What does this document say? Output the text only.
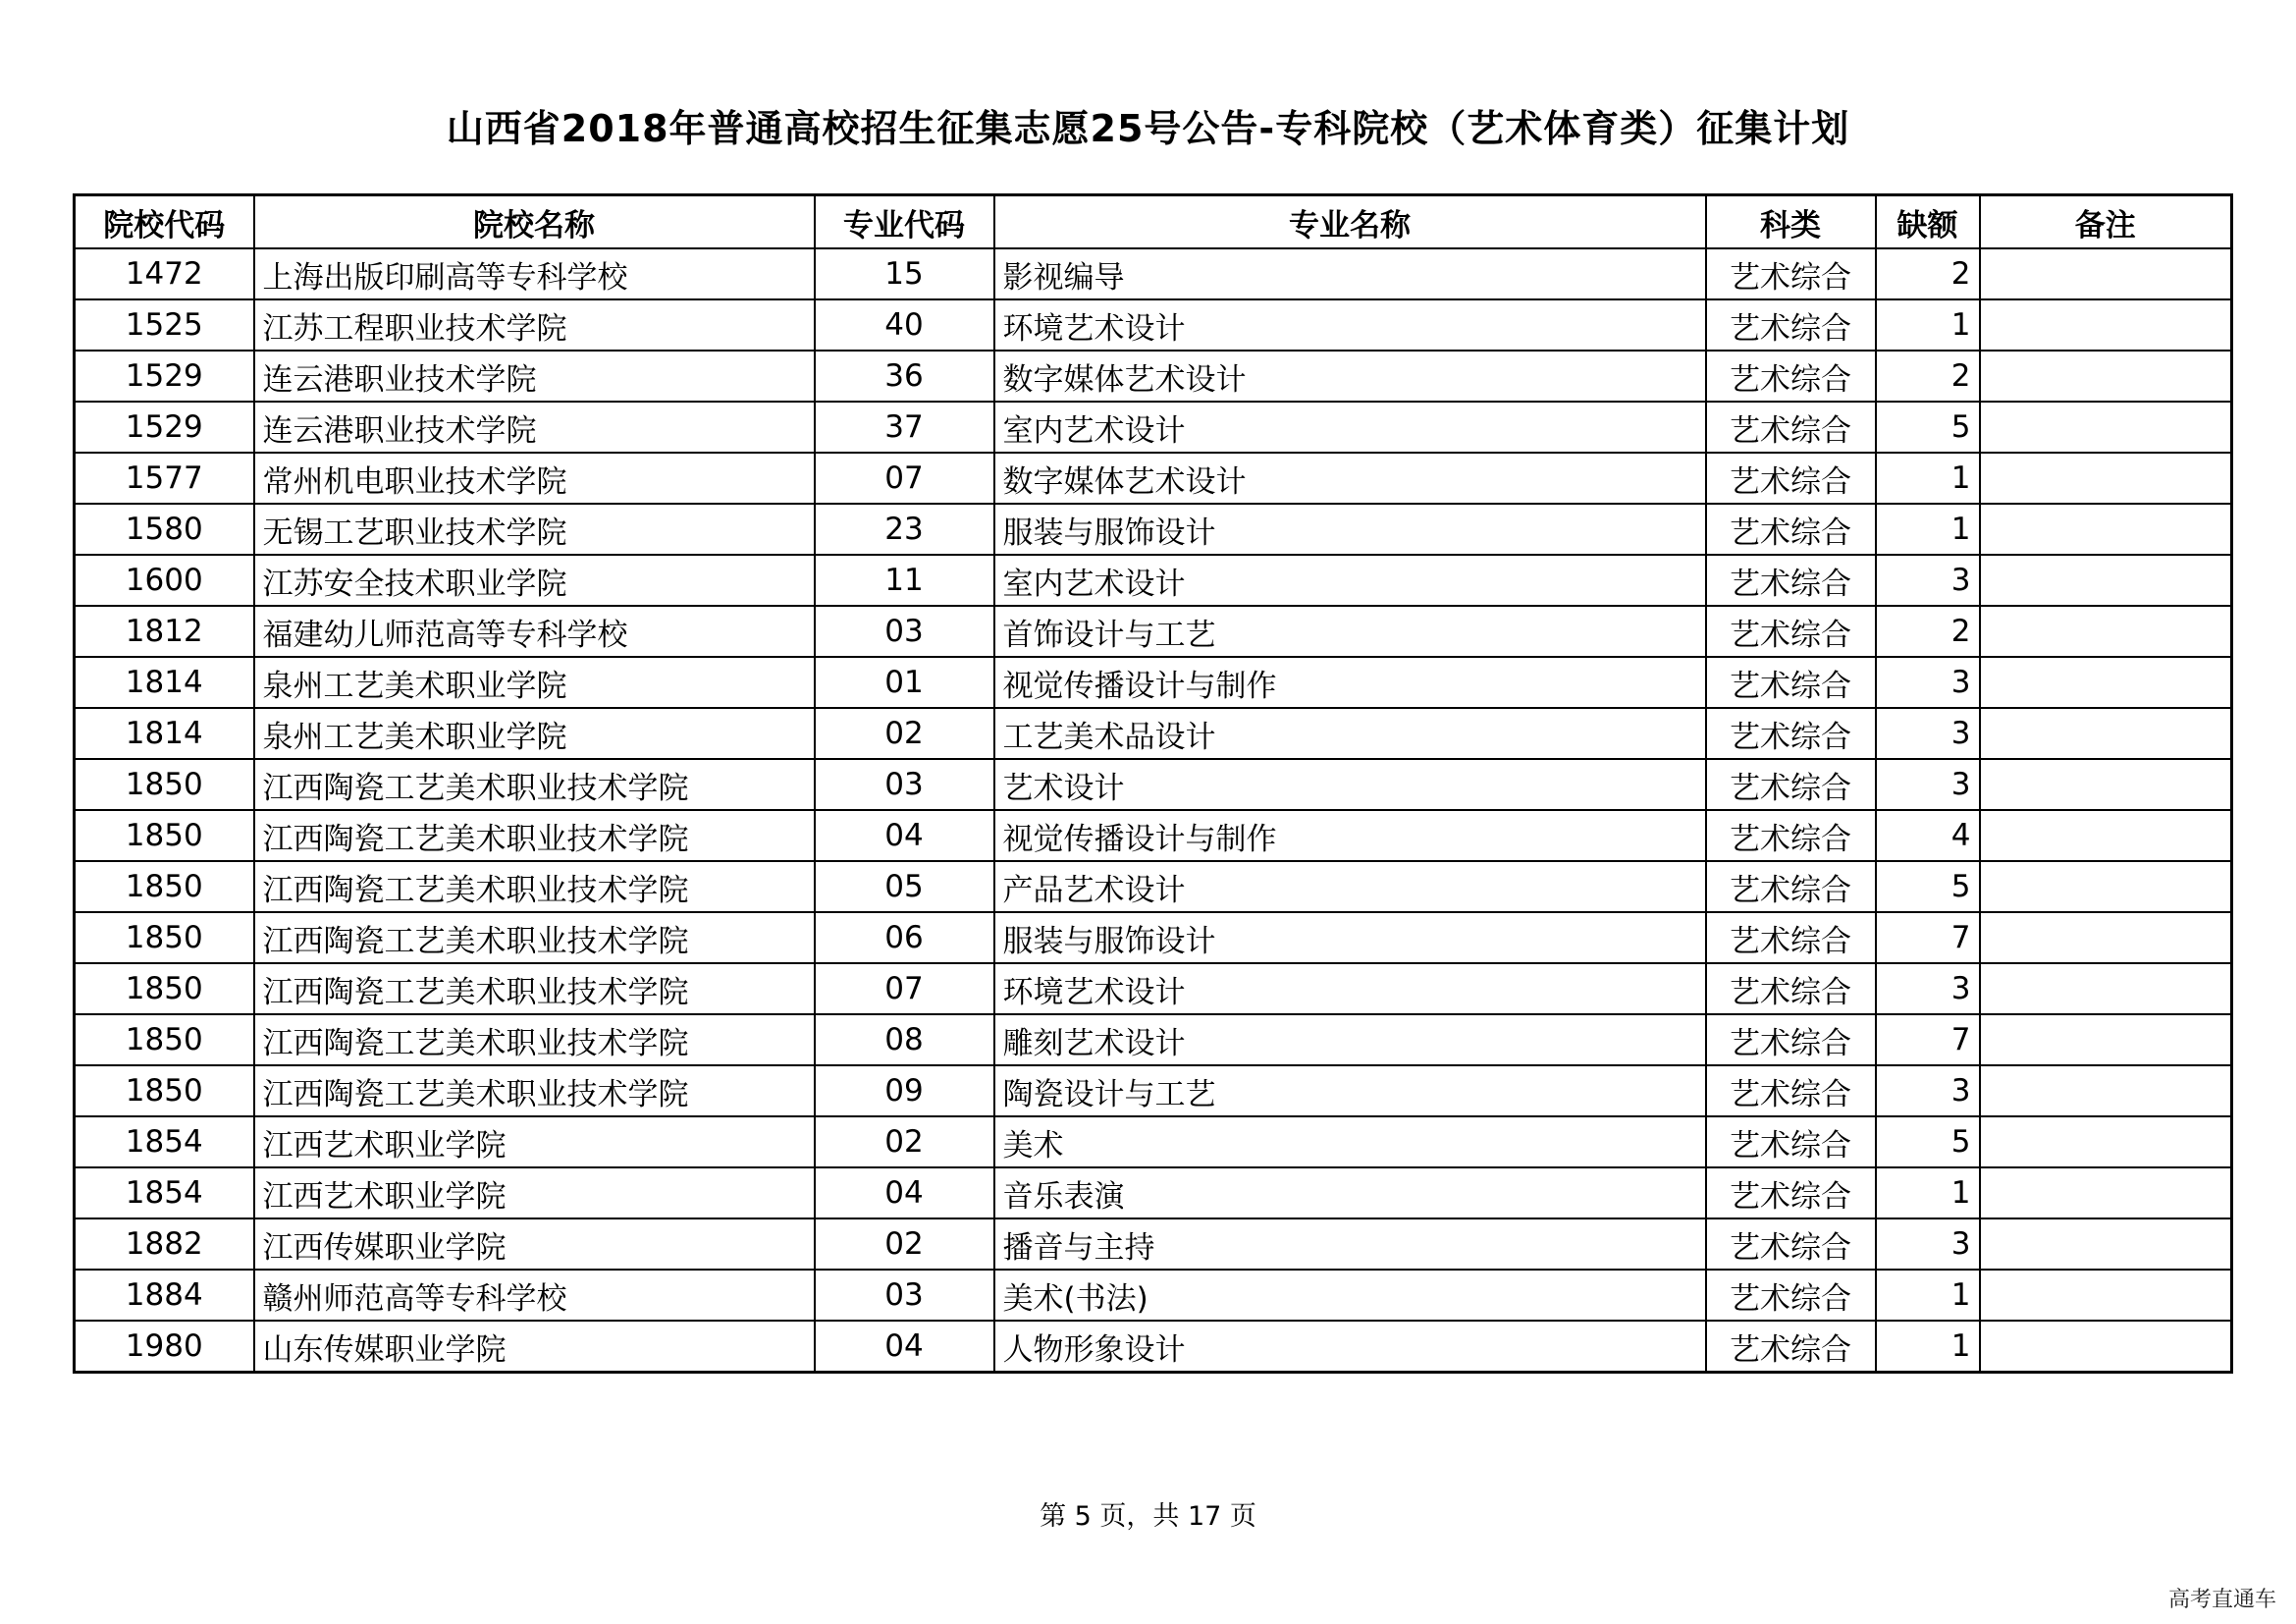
山西省2018年普通高校招生征集志愿25号公告-专科院校（艺术体育类）征集计划
院校代码	院校名称	专业代码	专业名称	科类	缺额	备注
1472	上海出版印刷高等专科学校	15	影视编导	艺术综合	2	
1525	江苏工程职业技术学院	40	环境艺术设计	艺术综合	1	
1529	连云港职业技术学院	36	数字媒体艺术设计	艺术综合	2	
1529	连云港职业技术学院	37	室内艺术设计	艺术综合	5	
1577	常州机电职业技术学院	07	数字媒体艺术设计	艺术综合	1	
1580	无锡工艺职业技术学院	23	服装与服饰设计	艺术综合	1	
1600	江苏安全技术职业学院	11	室内艺术设计	艺术综合	3	
1812	福建幼儿师范高等专科学校	03	首饰设计与工艺	艺术综合	2	
1814	泉州工艺美术职业学院	01	视觉传播设计与制作	艺术综合	3	
1814	泉州工艺美术职业学院	02	工艺美术品设计	艺术综合	3	
1850	江西陶瓷工艺美术职业技术学院	03	艺术设计	艺术综合	3	
1850	江西陶瓷工艺美术职业技术学院	04	视觉传播设计与制作	艺术综合	4	
1850	江西陶瓷工艺美术职业技术学院	05	产品艺术设计	艺术综合	5	
1850	江西陶瓷工艺美术职业技术学院	06	服装与服饰设计	艺术综合	7	
1850	江西陶瓷工艺美术职业技术学院	07	环境艺术设计	艺术综合	3	
1850	江西陶瓷工艺美术职业技术学院	08	雕刻艺术设计	艺术综合	7	
1850	江西陶瓷工艺美术职业技术学院	09	陶瓷设计与工艺	艺术综合	3	
1854	江西艺术职业学院	02	美术	艺术综合	5	
1854	江西艺术职业学院	04	音乐表演	艺术综合	1	
1882	江西传媒职业学院	02	播音与主持	艺术综合	3	
1884	赣州师范高等专科学校	03	美术(书法)	艺术综合	1	
1980	山东传媒职业学院	04	人物形象设计	艺术综合	1	
第 5 页，共 17 页
高考直通车
